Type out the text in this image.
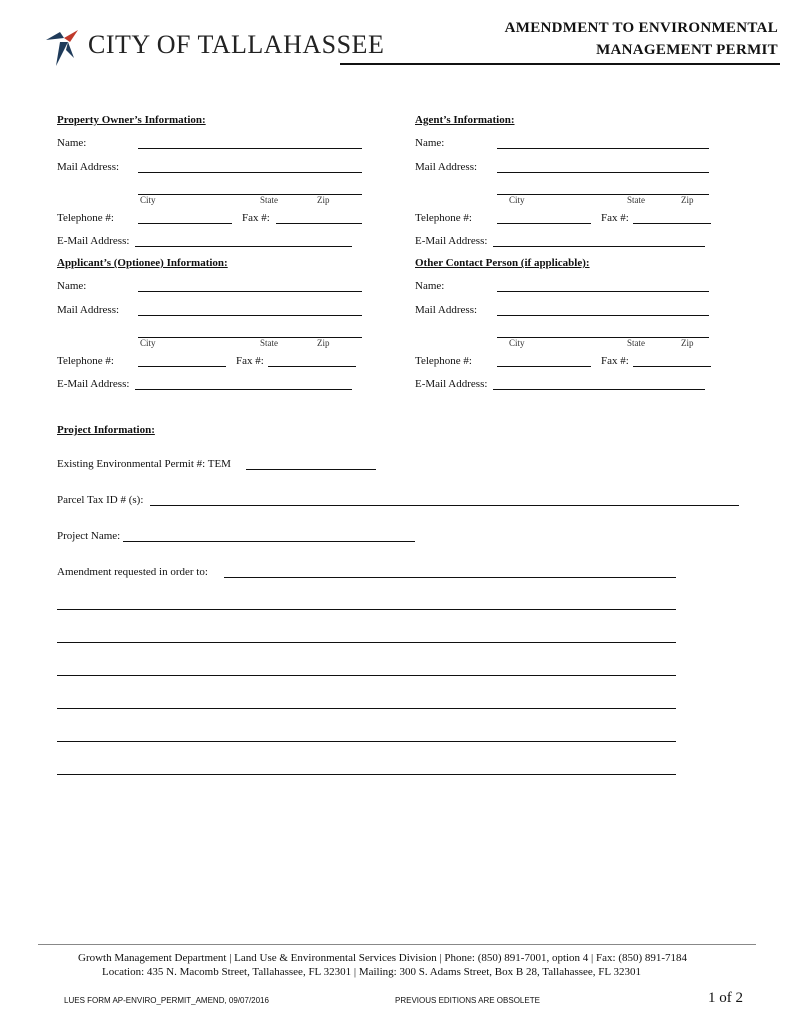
CITY OF TALLAHASSEE
AMENDMENT TO ENVIRONMENTAL
MANAGEMENT PERMIT
Property Owner’s Information:
Name:
Mail Address:
City	State	Zip
Telephone #:	Fax #:
E-Mail Address:
Agent’s Information:
Name:
Mail Address:
City	State	Zip
Telephone #:	Fax #:
E-Mail Address:
Applicant’s (Optionee) Information:
Name:
Mail Address:
City	State	Zip
Telephone #:	Fax #:
E-Mail Address:
Other Contact Person (if applicable):
Name:
Mail Address:
City	State	Zip
Telephone #:	Fax #:
E-Mail Address:
Project Information:
Existing Environmental Permit #: TEM
Parcel Tax ID # (s):
Project Name:
Amendment requested in order to:
Growth Management Department | Land Use & Environmental Services Division | Phone: (850) 891-7001, option 4 | Fax: (850) 891-7184
Location: 435 N. Macomb Street, Tallahassee, FL 32301 | Mailing: 300 S. Adams Street, Box B 28, Tallahassee, FL 32301
LUES FORM AP-ENVIRO_PERMIT_AMEND, 09/07/2016	PREVIOUS EDITIONS ARE OBSOLETE	1 of 2
